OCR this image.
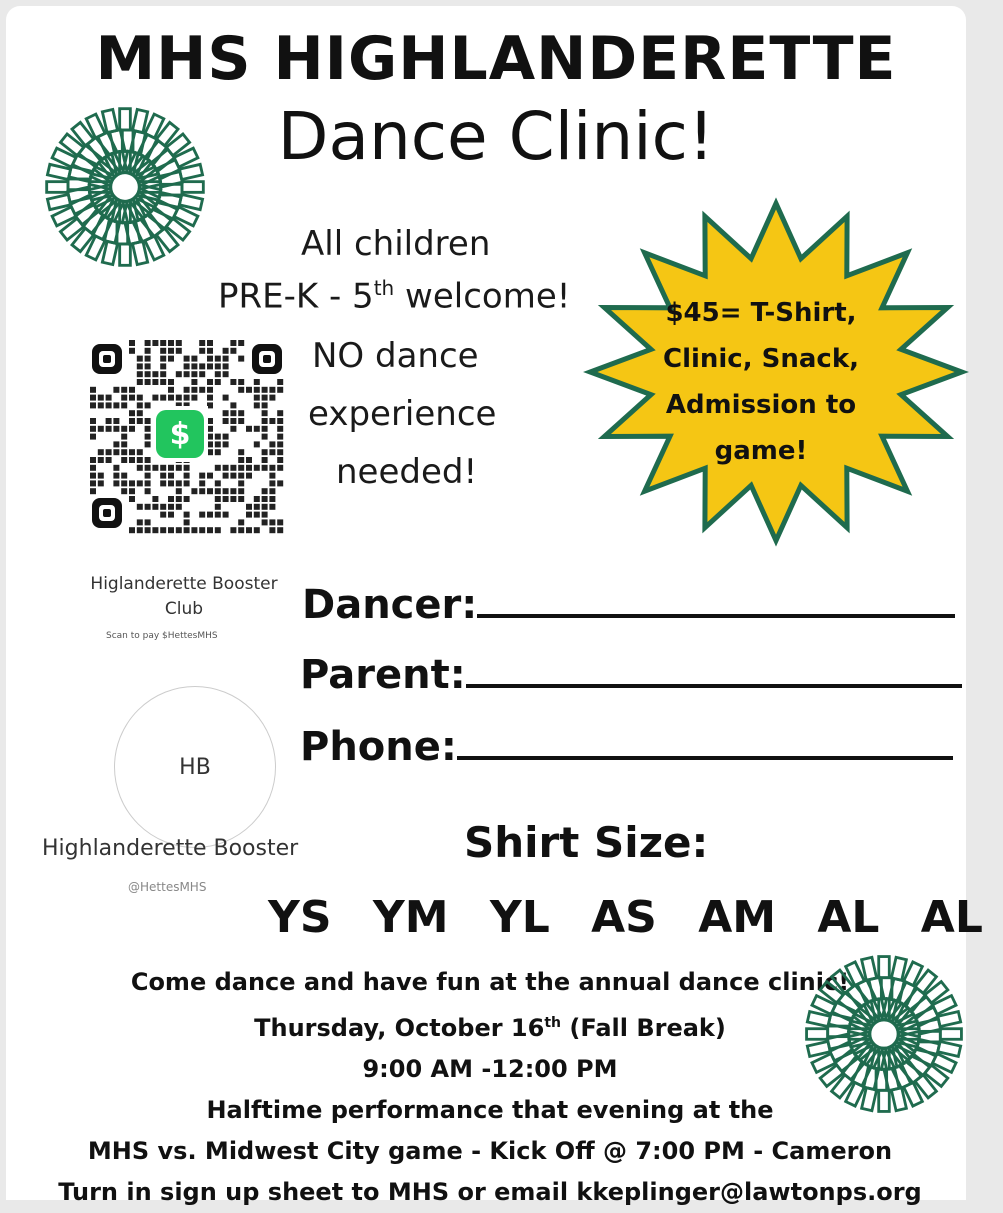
MHS HIGHLANDERETTE
Dance Clinic!
All children
PRE-K - 5th welcome!
NO dance
experience
needed!
$45= T-Shirt,
Clinic, Snack,
Admission to
game!
$
Higlanderette Booster Club
Scan to pay $HettesMHS
HB
Highlanderette Booster
@HettesMHS
Dancer:
Parent:
Phone:
Shirt Size:
YS YM YL AS AM AL AL
Come dance and have fun at the annual dance clinic!
Thursday, October 16th (Fall Break)
9:00 AM -12:00 PM
Halftime performance that evening at the
MHS vs. Midwest City game - Kick Off @ 7:00 PM - Cameron
Turn in sign up sheet to MHS or email kkeplinger@lawtonps.org
